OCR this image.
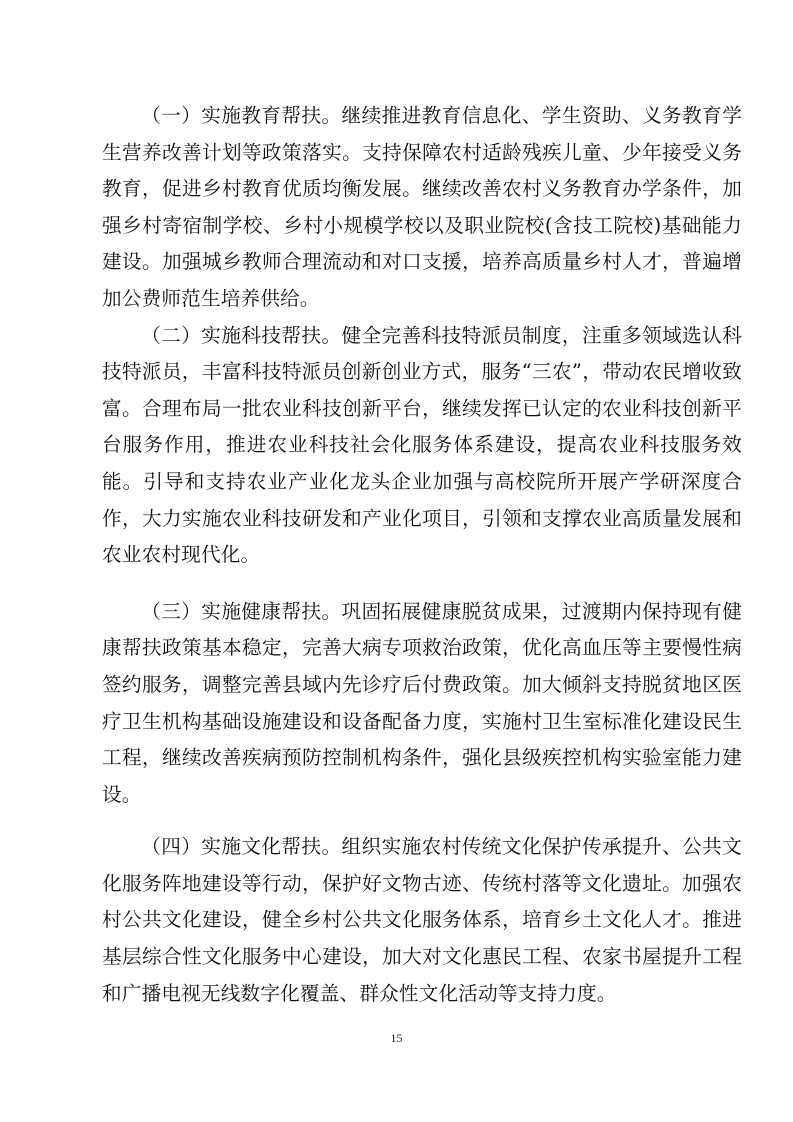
（一）实施教育帮扶。继续推进教育信息化、学生资助、义务教育学生营养改善计划等政策落实。支持保障农村适龄残疾儿童、少年接受义务教育，促进乡村教育优质均衡发展。继续改善农村义务教育办学条件，加强乡村寄宿制学校、乡村小规模学校以及职业院校(含技工院校)基础能力建设。加强城乡教师合理流动和对口支援，培养高质量乡村人才，普遍增加公费师范生培养供给。

（二）实施科技帮扶。健全完善科技特派员制度，注重多领域选认科技特派员，丰富科技特派员创新创业方式，服务“三农”，带动农民增收致富。合理布局一批农业科技创新平台，继续发挥已认定的农业科技创新平台服务作用，推进农业科技社会化服务体系建设，提高农业科技服务效能。引导和支持农业产业化龙头企业加强与高校院所开展产学研深度合作，大力实施农业科技研发和产业化项目，引领和支撑农业高质量发展和农业农村现代化。

（三）实施健康帮扶。巩固拓展健康脱贫成果，过渡期内保持现有健康帮扶政策基本稳定，完善大病专项救治政策，优化高血压等主要慢性病签约服务，调整完善县域内先诊疗后付费政策。加大倾斜支持脱贫地区医疗卫生机构基础设施建设和设备配备力度，实施村卫生室标准化建设民生工程，继续改善疾病预防控制机构条件，强化县级疾控机构实验室能力建设。

（四）实施文化帮扶。组织实施农村传统文化保护传承提升、公共文化服务阵地建设等行动，保护好文物古迹、传统村落等文化遗址。加强农村公共文化建设，健全乡村公共文化服务体系，培育乡土文化人才。推进基层综合性文化服务中心建设，加大对文化惠民工程、农家书屋提升工程和广播电视无线数字化覆盖、群众性文化活动等支持力度。

15
